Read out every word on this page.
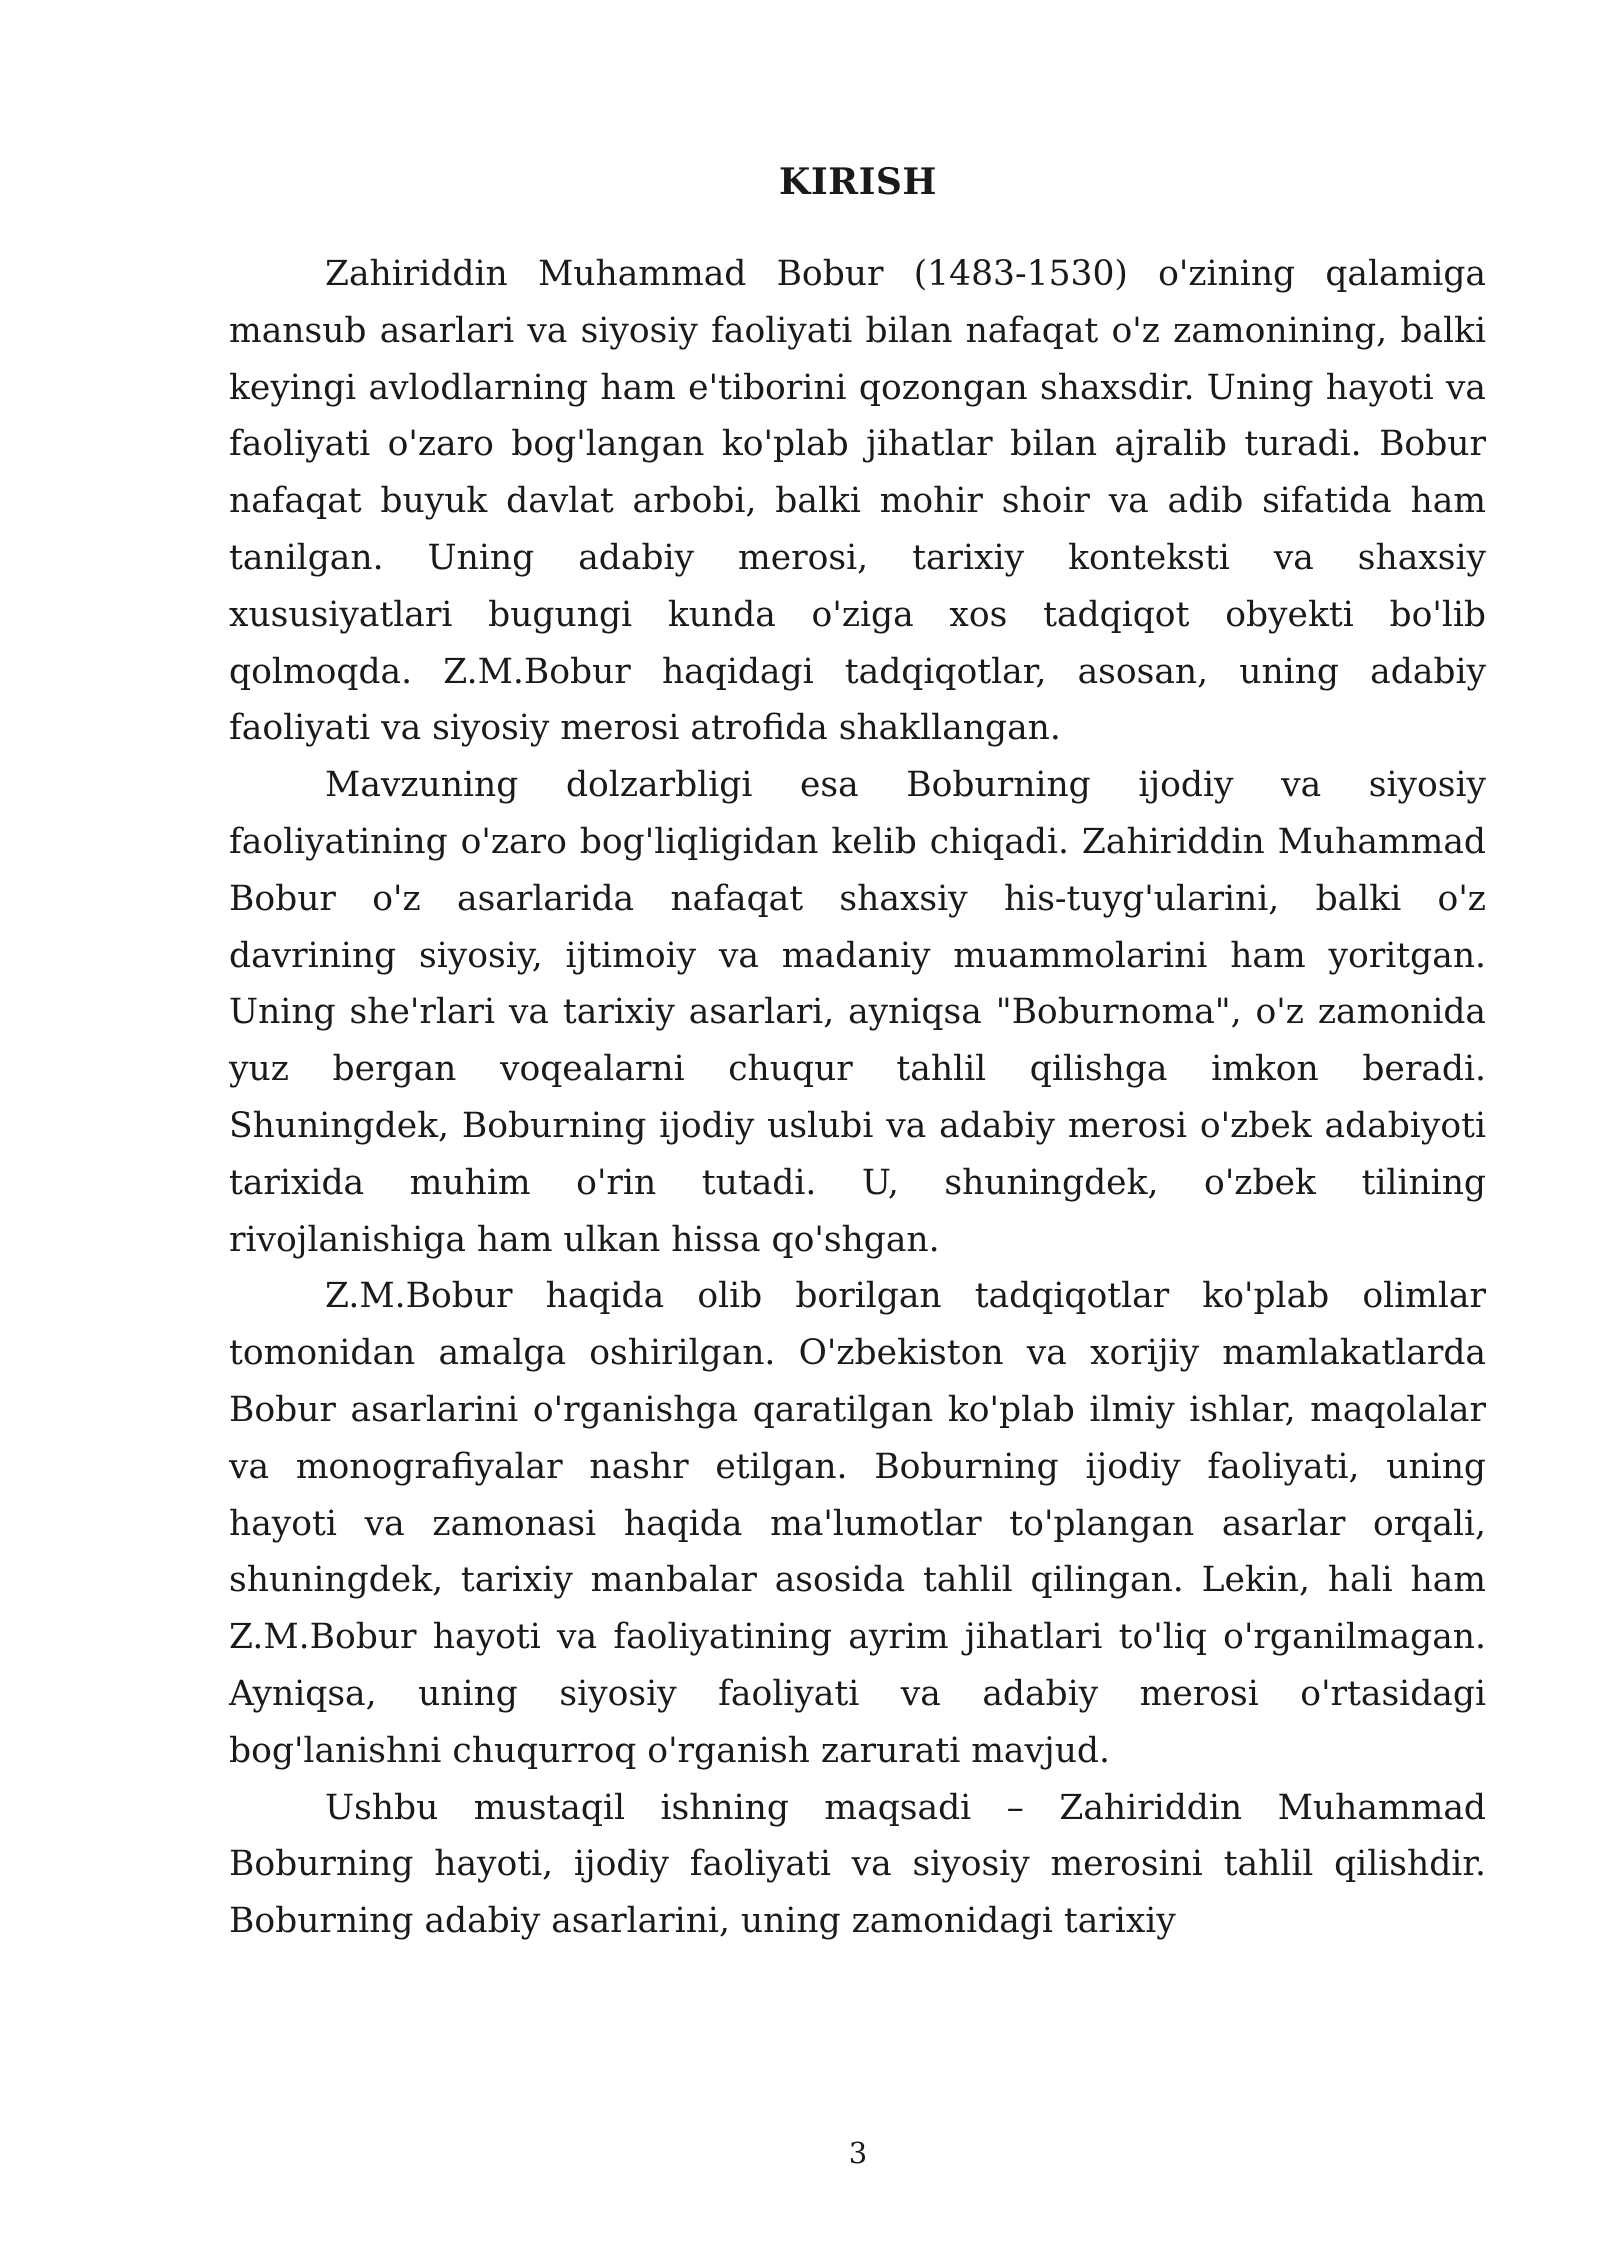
KIRISH

Zahiriddin Muhammad Bobur (1483-1530) o'zining qalamiga mansub asarlari va siyosiy faoliyati bilan nafaqat o'z zamonining, balki keyingi avlodlarning ham e'tiborini qozongan shaxsdir. Uning hayoti va faoliyati o'zaro bog'langan ko'plab jihatlar bilan ajralib turadi. Bobur nafaqat buyuk davlat arbobi, balki mohir shoir va adib sifatida ham tanilgan. Uning adabiy merosi, tarixiy konteksti va shaxsiy xususiyatlari bugungi kunda o'ziga xos tadqiqot obyekti bo'lib qolmoqda. Z.M.Bobur haqidagi tadqiqotlar, asosan, uning adabiy faoliyati va siyosiy merosi atrofida shakllangan.

Mavzuning dolzarbligi esa Boburning ijodiy va siyosiy faoliyatining o'zaro bog'liqligidan kelib chiqadi. Zahiriddin Muhammad Bobur o'z asarlarida nafaqat shaxsiy his-tuyg'ularini, balki o'z davrining siyosiy, ijtimoiy va madaniy muammolarini ham yoritgan. Uning she'rlari va tarixiy asarlari, ayniqsa "Boburnoma", o'z zamonida yuz bergan voqealarni chuqur tahlil qilishga imkon beradi. Shuningdek, Boburning ijodiy uslubi va adabiy merosi o'zbek adabiyoti tarixida muhim o'rin tutadi. U, shuningdek, o'zbek tilining rivojlanishiga ham ulkan hissa qo'shgan.

Z.M.Bobur haqida olib borilgan tadqiqotlar ko'plab olimlar tomonidan amalga oshirilgan. O'zbekiston va xorijiy mamlakatlarda Bobur asarlarini o'rganishga qaratilgan ko'plab ilmiy ishlar, maqolalar va monografiyalar nashr etilgan. Boburning ijodiy faoliyati, uning hayoti va zamonasi haqida ma'lumotlar to'plangan asarlar orqali, shuningdek, tarixiy manbalar asosida tahlil qilingan. Lekin, hali ham Z.M.Bobur hayoti va faoliyatining ayrim jihatlari to'liq o'rganilmagan. Ayniqsa, uning siyosiy faoliyati va adabiy merosi o'rtasidagi bog'lanishni chuqurroq o'rganish zarurati mavjud.

Ushbu mustaqil ishning maqsadi – Zahiriddin Muhammad Boburning hayoti, ijodiy faoliyati va siyosiy merosini tahlil qilishdir. Boburning adabiy asarlarini, uning zamonidagi tarixiy

3
